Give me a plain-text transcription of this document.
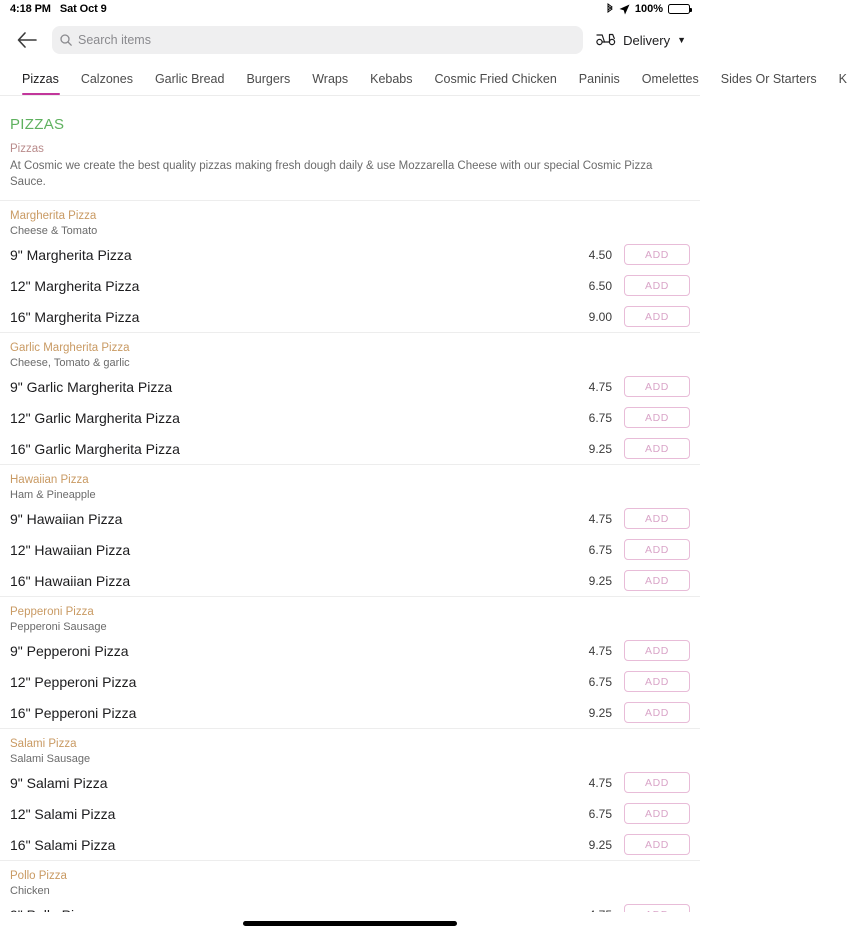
4:18 PM Sat Oct 9	100%
Search items	Delivery ▼
Pizzas	Calzones	Garlic Bread	Burgers	Wraps	Kebabs	Cosmic Fried Chicken	Paninis	Omelettes	Sides Or Starters	K
PIZZAS
Pizzas
At Cosmic we create the best quality pizzas making fresh dough daily & use Mozzarella Cheese with our special Cosmic Pizza Sauce.
Margherita Pizza
Cheese & Tomato
9" Margherita Pizza	4.50	ADD
12" Margherita Pizza	6.50	ADD
16" Margherita Pizza	9.00	ADD
Garlic Margherita Pizza
Cheese, Tomato & garlic
9" Garlic Margherita Pizza	4.75	ADD
12" Garlic Margherita Pizza	6.75	ADD
16" Garlic Margherita Pizza	9.25	ADD
Hawaiian Pizza
Ham & Pineapple
9" Hawaiian Pizza	4.75	ADD
12" Hawaiian Pizza	6.75	ADD
16" Hawaiian Pizza	9.25	ADD
Pepperoni Pizza
Pepperoni Sausage
9" Pepperoni Pizza	4.75	ADD
12" Pepperoni Pizza	6.75	ADD
16" Pepperoni Pizza	9.25	ADD
Salami Pizza
Salami Sausage
9" Salami Pizza	4.75	ADD
12" Salami Pizza	6.75	ADD
16" Salami Pizza	9.25	ADD
Pollo Pizza
Chicken
